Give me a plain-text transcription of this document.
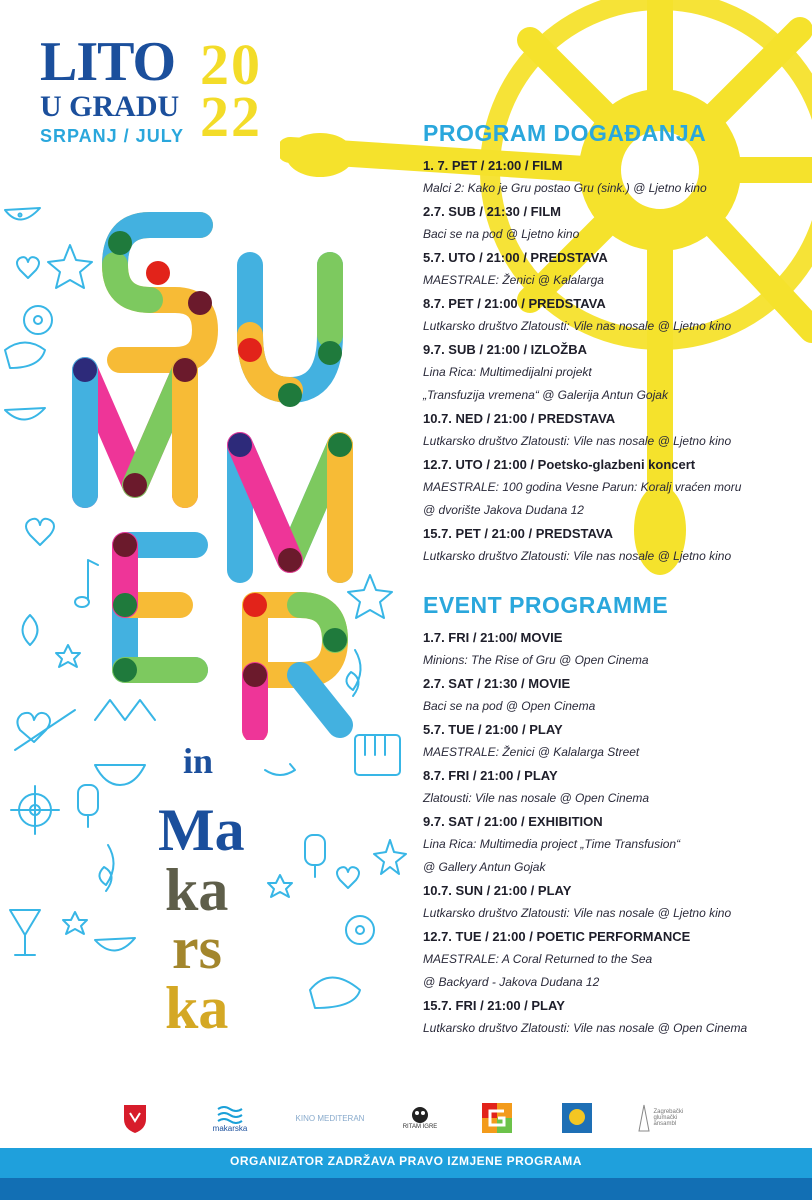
LITO
U GRADU
SRPANJ / JULY
20
22
in
Ma
ka
rs
ka
PROGRAM DOGAĐANJA
1. 7. PET / 21:00 / FILM
Malci 2: Kako je Gru postao Gru (sink.) @ Ljetno kino
2.7. SUB / 21:30 / FILM
Baci se na pod @ Ljetno kino
5.7. UTO / 21:00 / PREDSTAVA
MAESTRALE: Ženici @ Kalalarga
8.7. PET / 21:00 / PREDSTAVA
Lutkarsko društvo Zlatousti: Vile nas nosale @ Ljetno kino
9.7. SUB / 21:00 / IZLOŽBA
Lina Rica: Multimedijalni projekt
„Transfuzija vremena“ @ Galerija Antun Gojak
10.7. NED / 21:00 / PREDSTAVA
Lutkarsko društvo Zlatousti: Vile nas nosale @ Ljetno kino
12.7. UTO / 21:00 / Poetsko-glazbeni koncert
MAESTRALE: 100 godina Vesne Parun: Koralj vraćen moru
@ dvorište Jakova Dudana 12
15.7. PET / 21:00 / PREDSTAVA
Lutkarsko društvo Zlatousti: Vile nas nosale @ Ljetno kino
EVENT PROGRAMME
1.7. FRI / 21:00/ MOVIE
Minions: The Rise of Gru @ Open Cinema
2.7. SAT / 21:30 / MOVIE
Baci se na pod @ Open Cinema
5.7. TUE / 21:00 / PLAY
MAESTRALE: Ženici @ Kalalarga Street
8.7. FRI / 21:00 / PLAY
Zlatousti: Vile nas nosale @ Open Cinema
9.7. SAT / 21:00 / EXHIBITION
Lina Rica: Multimedia project „Time Transfusion“
@ Gallery Antun Gojak
10.7. SUN / 21:00 / PLAY
Lutkarsko društvo Zlatousti: Vile nas nosale @ Ljetno kino
12.7. TUE / 21:00 / POETIC PERFORMANCE
MAESTRALE: A Coral Returned to the Sea
@ Backyard - Jakova Dudana 12
15.7. FRI / 21:00 / PLAY
Lutkarsko društvo Zlatousti: Vile nas nosale @ Open Cinema
makarska
KINO MEDITERAN
RITAM IGRE
Zagrebački glumački ansambl
ORGANIZATOR ZADRŽAVA PRAVO IZMJENE PROGRAMA
